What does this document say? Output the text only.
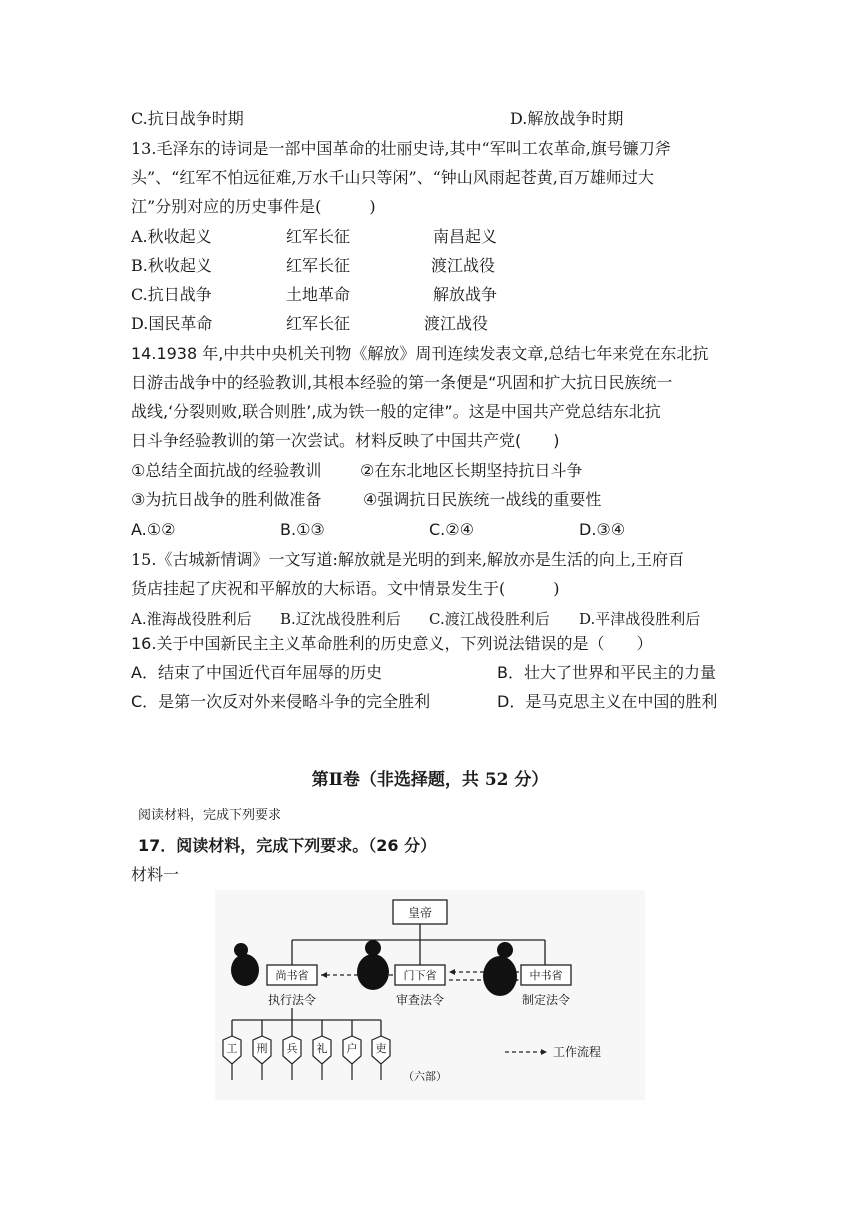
C.抗日战争时期	D.解放战争时期
13.毛泽东的诗词是一部中国革命的壮丽史诗,其中“军叫工农革命,旗号镰刀斧
头”、“红军不怕远征难,万水千山只等闲”、“钟山风雨起苍黄,百万雄师过大
江”分别对应的历史事件是(　　　)
A.秋收起义	红军长征	南昌起义
B.秋收起义	红军长征	渡江战役
C.抗日战争	土地革命	解放战争
D.国民革命	红军长征	渡江战役
14.1938 年,中共中央机关刊物《解放》周刊连续发表文章,总结七年来党在东北抗
日游击战争中的经验教训,其根本经验的第一条便是“巩固和扩大抗日民族统一
战线,‘分裂则败,联合则胜’,成为铁一般的定律”。这是中国共产党总结东北抗
日斗争经验教训的第一次尝试。材料反映了中国共产党(　　)
①总结全面抗战的经验教训 ②在东北地区长期坚持抗日斗争
③为抗日战争的胜利做准备	④强调抗日民族统一战线的重要性
A.①②	B.①③	C.②④	D.③④
15.《古城新情调》一文写道:解放就是光明的到来,解放亦是生活的向上,王府百
货店挂起了庆祝和平解放的大标语。文中情景发生于(　　　)
A.淮海战役胜利后 B.辽沈战役胜利后 C.渡江战役胜利后 D.平津战役胜利后
16.关于中国新民主主义革命胜利的历史意义，下列说法错误的是（　　）
A．结束了中国近代百年屈辱的历史	B．壮大了世界和平民主的力量
C．是第一次反对外来侵略斗争的完全胜利	D．是马克思主义在中国的胜利
第Ⅱ卷（非选择题，共 52 分）
阅读材料，完成下列要求
17．阅读材料，完成下列要求。（26 分）
材料一
皇帝
尚书省	门下省	中书省
执行法令	审查法令	制定法令
工 刑 兵 礼 户 吏
（六部）
工作流程
